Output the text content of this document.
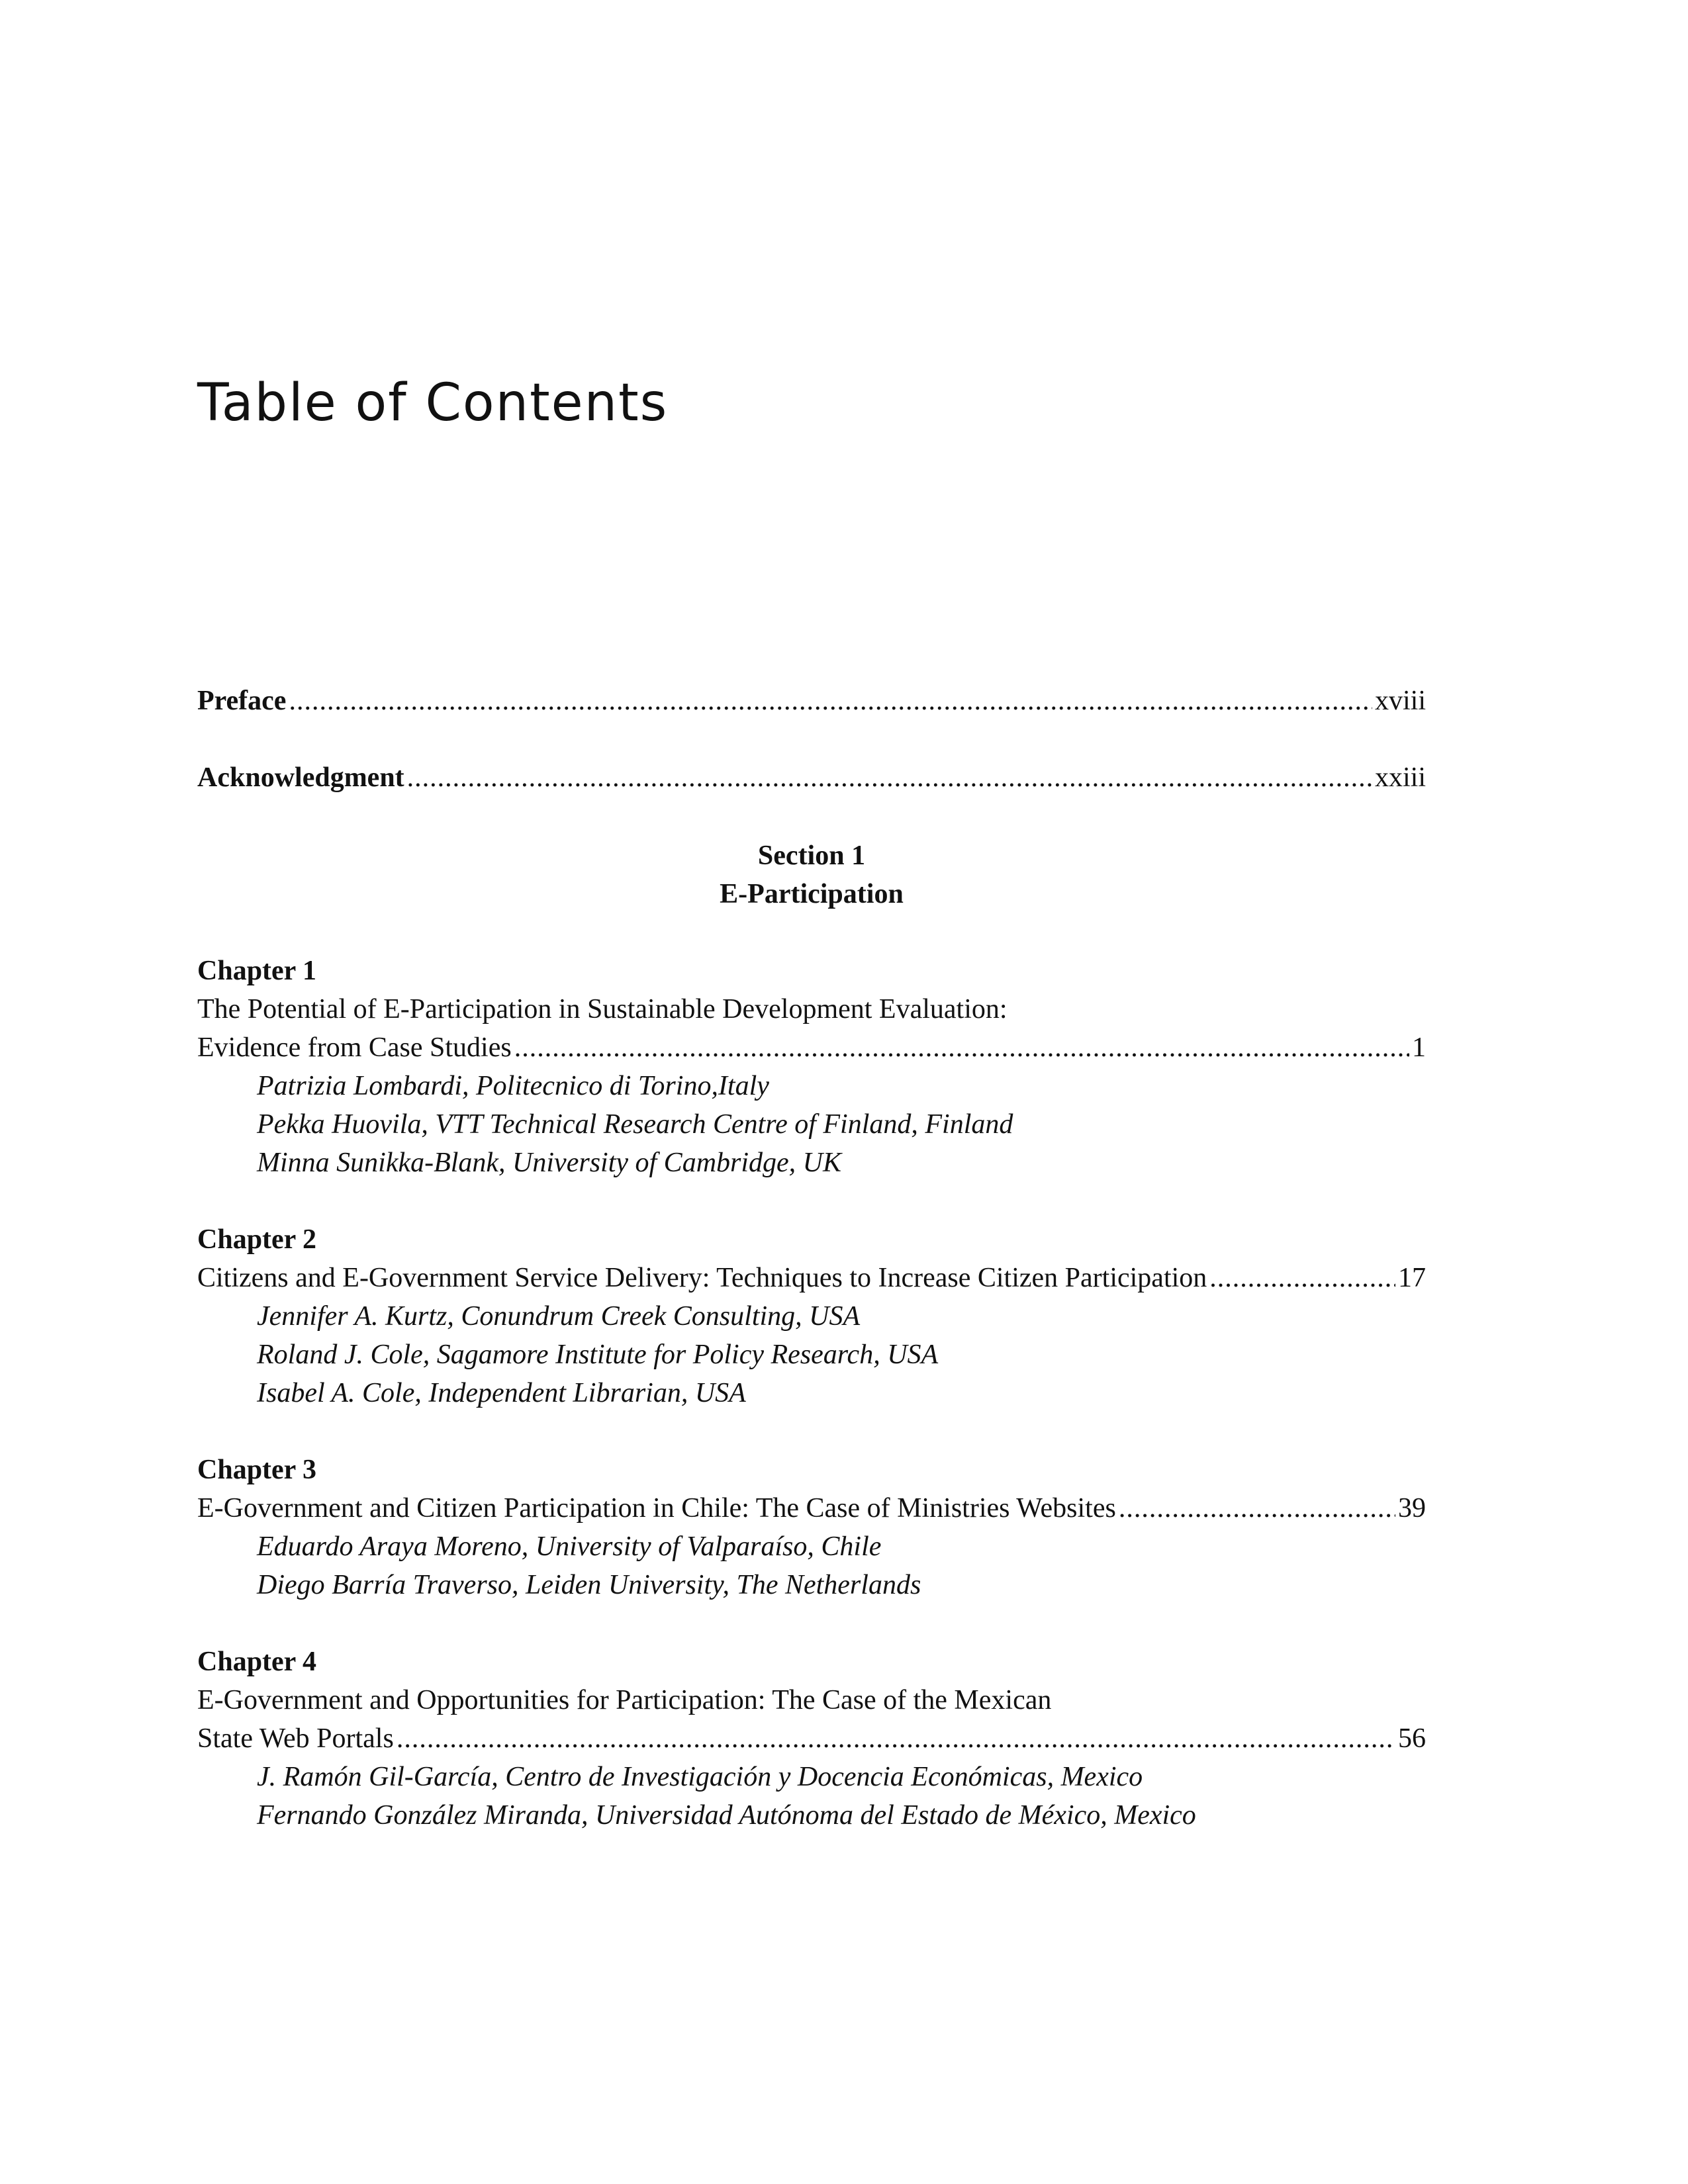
Table of Contents
Preface .....	xviii
Acknowledgment .....	xxiii
Section 1
E-Participation
Chapter 1
The Potential of E-Participation in Sustainable Development Evaluation:
Evidence from Case Studies .....	1
Patrizia Lombardi, Politecnico di Torino,Italy
Pekka Huovila, VTT Technical Research Centre of Finland, Finland
Minna Sunikka-Blank, University of Cambridge, UK
Chapter 2
Citizens and E-Government Service Delivery: Techniques to Increase Citizen Participation .....	17
Jennifer A. Kurtz, Conundrum Creek Consulting, USA
Roland J. Cole, Sagamore Institute for Policy Research, USA
Isabel A. Cole, Independent Librarian, USA
Chapter 3
E-Government and Citizen Participation in Chile: The Case of Ministries Websites .....	39
Eduardo Araya Moreno, University of Valparaíso, Chile
Diego Barría Traverso, Leiden University, The Netherlands
Chapter 4
E-Government and Opportunities for Participation: The Case of the Mexican
State Web Portals .....	56
J. Ramón Gil-García, Centro de Investigación y Docencia Económicas, Mexico
Fernando González Miranda, Universidad Autónoma del Estado de México, Mexico
